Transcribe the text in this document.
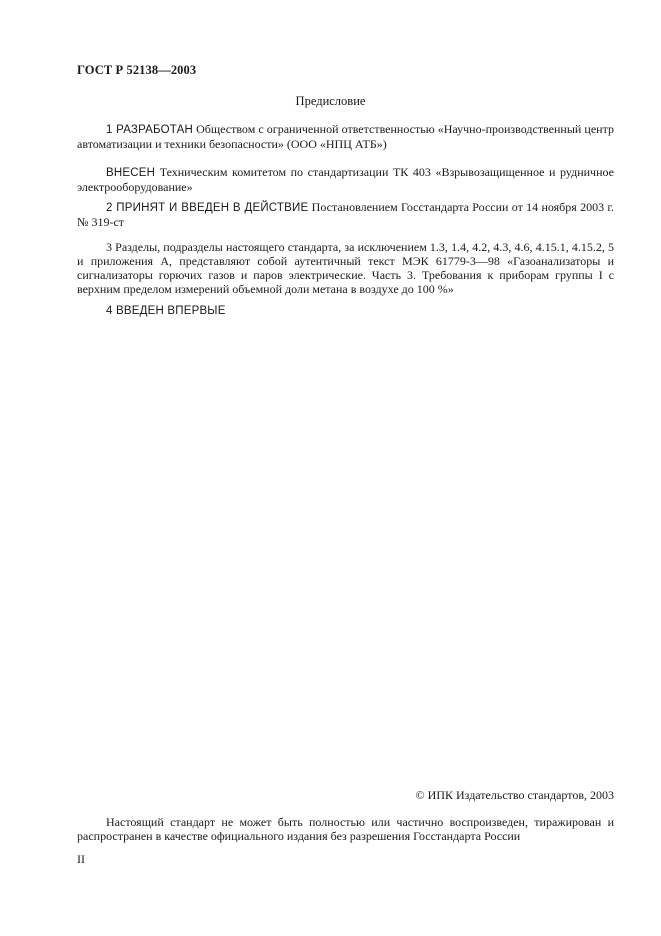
ГОСТ Р 52138—2003
Предисловие
1 РАЗРАБОТАН Обществом с ограниченной ответственностью «Научно-производственный центр автоматизации и техники безопасности» (ООО «НПЦ АТБ»)
ВНЕСЕН Техническим комитетом по стандартизации ТК 403 «Взрывозащищенное и рудничное электрооборудование»
2 ПРИНЯТ И ВВЕДЕН В ДЕЙСТВИЕ Постановлением Госстандарта России от 14 ноября 2003 г. № 319-ст
3 Разделы, подразделы настоящего стандарта, за исключением 1.3, 1.4, 4.2, 4.3, 4.6, 4.15.1, 4.15.2, 5 и приложения А, представляют собой аутентичный текст МЭК 61779-3—98 «Газоанализаторы и сигнализаторы горючих газов и паров электрические. Часть 3. Требования к приборам группы I с верхним пределом измерений объемной доли метана в воздухе до 100 %»
4 ВВЕДЕН ВПЕРВЫЕ
© ИПК Издательство стандартов, 2003
Настоящий стандарт не может быть полностью или частично воспроизведен, тиражирован и распространен в качестве официального издания без разрешения Госстандарта России
II
